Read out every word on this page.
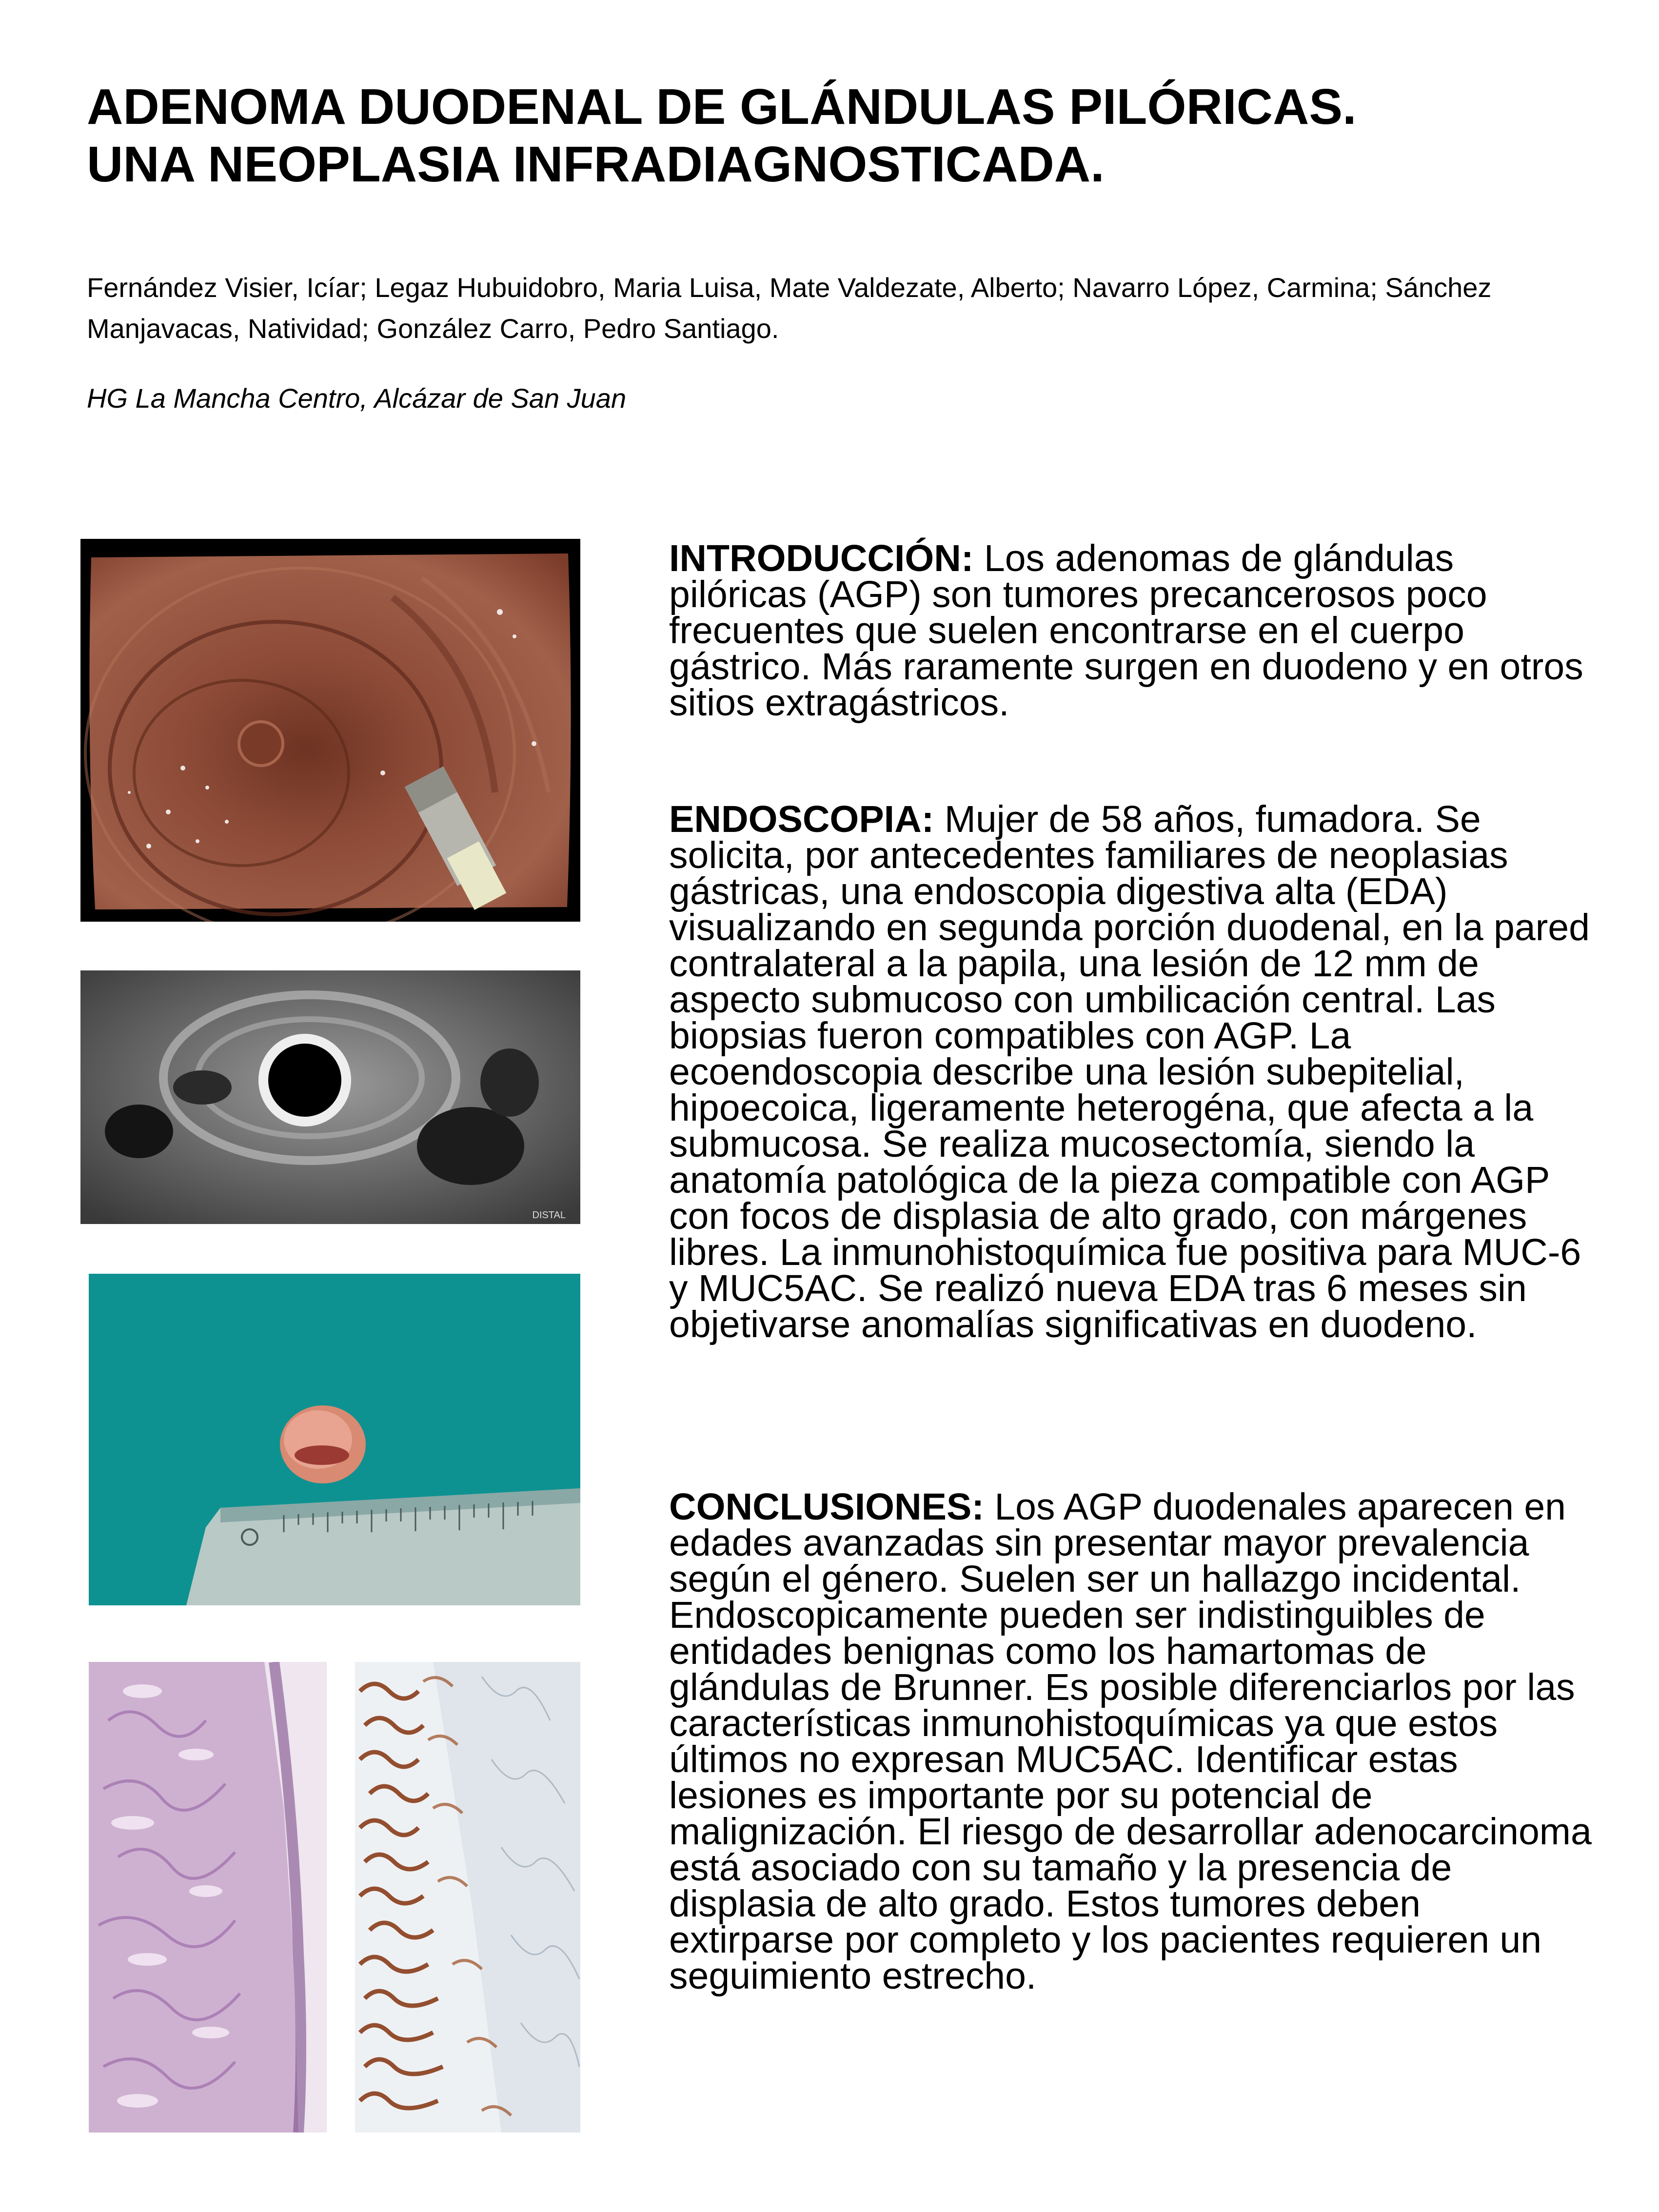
ADENOMA DUODENAL DE GLÁNDULAS PILÓRICAS.
UNA NEOPLASIA INFRADIAGNOSTICADA.
Fernández Visier, Icíar; Legaz Hubuidobro, Maria Luisa, Mate Valdezate, Alberto; Navarro López, Carmina; Sánchez Manjavacas, Natividad; González Carro, Pedro Santiago.
HG La Mancha Centro, Alcázar de San Juan
DISTAL
INTRODUCCIÓN: Los adenomas de glándulas pilóricas (AGP) son tumores precancerosos poco frecuentes que suelen encontrarse en el cuerpo gástrico. Más raramente surgen en duodeno y en otros sitios extragástricos.
ENDOSCOPIA: Mujer de 58 años, fumadora. Se solicita, por antecedentes familiares de neoplasias gástricas, una endoscopia digestiva alta (EDA) visualizando en segunda porción duodenal, en la pared contralateral a la papila, una lesión de 12 mm de aspecto submucoso con umbilicación central. Las biopsias fueron compatibles con AGP. La ecoendoscopia describe una lesión subepitelial, hipoecoica, ligeramente heterogéna, que afecta a la submucosa. Se realiza mucosectomía, siendo la anatomía patológica de la pieza compatible con AGP con focos de displasia de alto grado, con márgenes libres. La inmunohistoquímica fue positiva para MUC-6 y MUC5AC. Se realizó nueva EDA tras 6 meses sin objetivarse anomalías significativas en duodeno.
CONCLUSIONES: Los AGP duodenales aparecen en edades avanzadas sin presentar mayor prevalencia según el género. Suelen ser un hallazgo incidental. Endoscopicamente pueden ser indistinguibles de entidades benignas como los hamartomas de glándulas de Brunner. Es posible diferenciarlos por las características inmunohistoquímicas ya que estos últimos no expresan MUC5AC. Identificar estas lesiones es importante por su potencial de malignización. El riesgo de desarrollar adenocarcinoma está asociado con su tamaño y la presencia de displasia de alto grado. Estos tumores deben extirparse por completo y los pacientes requieren un seguimiento estrecho.
